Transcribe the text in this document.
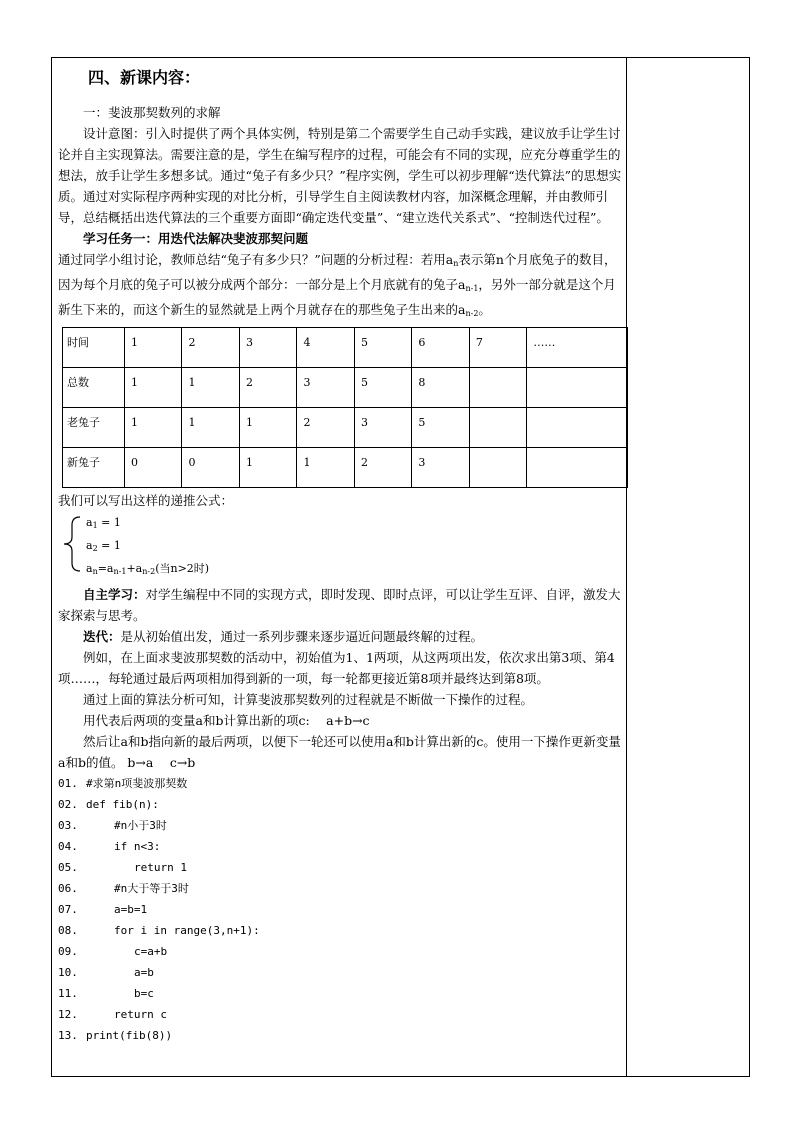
四、新课内容：

一：斐波那契数列的求解

设计意图：引入时提供了两个具体实例，特别是第二个需要学生自己动手实践，建议放手让学生讨论并自主实现算法。需要注意的是，学生在编写程序的过程，可能会有不同的实现，应充分尊重学生的想法，放手让学生多想多试。通过“兔子有多少只？”程序实例，学生可以初步理解“迭代算法”的思想实质。通过对实际程序两种实现的对比分析，引导学生自主阅读教材内容，加深概念理解，并由教师引导，总结概括出迭代算法的三个重要方面即“确定迭代变量”、“建立迭代关系式”、“控制迭代过程”。

学习任务一：用迭代法解决斐波那契问题

通过同学小组讨论，教师总结“兔子有多少只？”问题的分析过程：若用$a_n$表示第n个月底兔子的数目，因为每个月底的兔子可以被分成两个部分：一部分是上个月底就有的兔子$a_{n-1}$，另外一部分就是这个月新生下来的，而这个新生的显然就是上两个月就存在的那些兔子生出来的$a_{n-2}$。

时间	1	2	3	4	5	6	7	……
总数	1	1	2	3	5	8		
老兔子	1	1	1	2	3	5		
新兔子	0	0	1	1	2	3		

我们可以写出这样的递推公式：

$a_1 = 1$
$a_2 = 1$
$a_n=a_{n-1}+a_{n-2}$(当n>2时)

自主学习：对学生编程中不同的实现方式，即时发现、即时点评，可以让学生互评、自评，激发大家探索与思考。

迭代：是从初始值出发，通过一系列步骤来逐步逼近问题最终解的过程。

例如，在上面求斐波那契数的活动中，初始值为1、1两项，从这两项出发，依次求出第3项、第4项……，每轮通过最后两项相加得到新的一项，每一轮都更接近第8项并最终达到第8项。

通过上面的算法分析可知，计算斐波那契数列的过程就是不断做一下操作的过程。

用代表后两项的变量a和b计算出新的项c:　 a+b→c

然后让a和b指向新的最后两项，以便下一轮还可以使用a和b计算出新的c。使用一下操作更新变量a和b的值。 b→a　 c→b

01. #求第n项斐波那契数
02. def fib(n):
03.	#n小于3时
04.	if n<3:
05.	return 1
06.	#n大于等于3时
07.	a=b=1
08.	for i in range(3,n+1):
09.	c=a+b
10.	a=b
11.	b=c
12.	return c
13. print(fib(8))
